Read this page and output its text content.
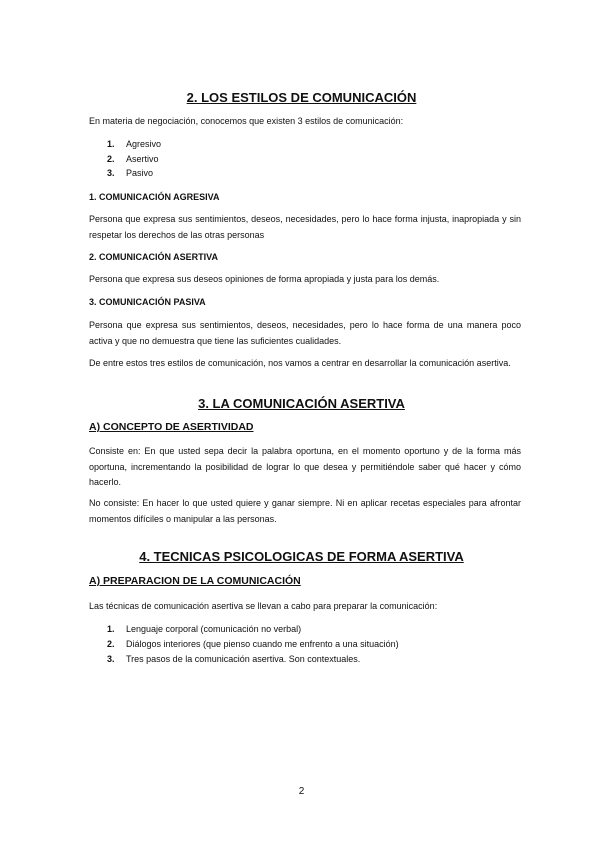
2. LOS ESTILOS DE COMUNICACIÓN
En materia de negociación, conocemos que existen 3 estilos de comunicación:
1. Agresivo
2. Asertivo
3. Pasivo
1. COMUNICACIÓN AGRESIVA
Persona que expresa sus sentimientos, deseos, necesidades, pero lo hace forma injusta, inapropiada y sin respetar los derechos de las otras personas
2. COMUNICACIÓN ASERTIVA
Persona que expresa sus deseos opiniones de forma apropiada y justa para los demás.
3. COMUNICACIÓN PASIVA
Persona que expresa sus sentimientos, deseos, necesidades, pero lo hace forma de una manera poco activa y que no demuestra que tiene las suficientes cualidades.
De entre estos tres estilos de comunicación, nos vamos a centrar en desarrollar la comunicación asertiva.
3. LA COMUNICACIÓN ASERTIVA
A) CONCEPTO DE ASERTIVIDAD
Consiste en: En que usted sepa decir la palabra oportuna, en el momento oportuno y de la forma más oportuna, incrementando la posibilidad de lograr lo que desea y permitiéndole saber qué hacer y cómo hacerlo.
No consiste: En hacer lo que usted quiere y ganar siempre. Ni en aplicar recetas especiales para afrontar momentos difíciles o manipular a las personas.
4. TECNICAS PSICOLOGICAS DE FORMA ASERTIVA
A) PREPARACION DE LA COMUNICACIÓN
Las técnicas de comunicación asertiva se llevan a cabo para preparar la comunicación:
1. Lenguaje corporal (comunicación no verbal)
2. Diálogos interiores (que pienso cuando me enfrento a una situación)
3. Tres pasos de la comunicación asertiva. Son contextuales.
2
